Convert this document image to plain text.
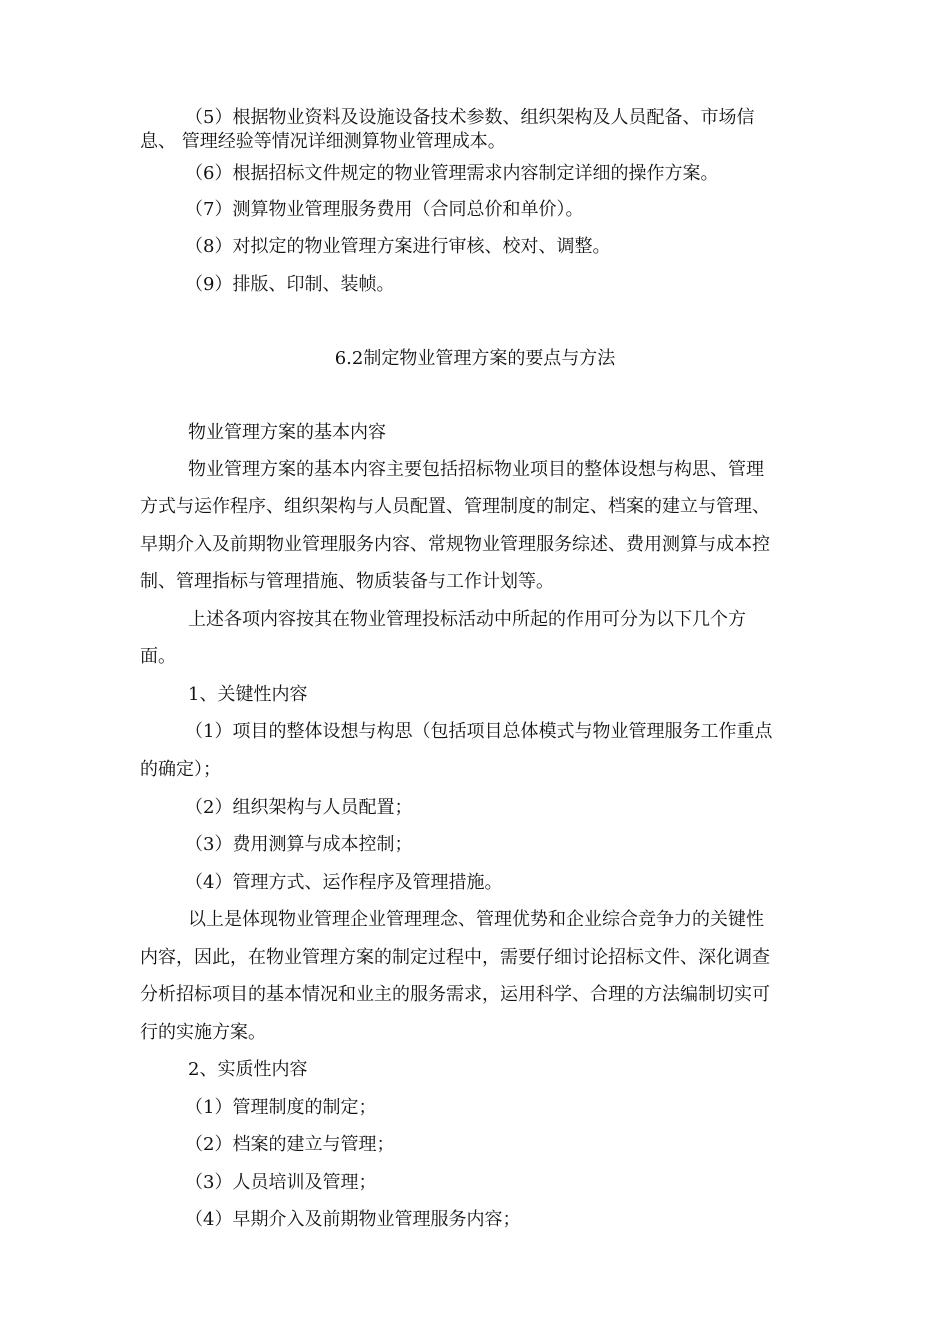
（5）根据物业资料及设施设备技术参数、组织架构及人员配备、市场信
息、 管理经验等情况详细测算物业管理成本。
（6）根据招标文件规定的物业管理需求内容制定详细的操作方案。
（7）测算物业管理服务费用（合同总价和单价）。
（8）对拟定的物业管理方案进行审核、校对、调整。
（9）排版、印制、装帧。
6.2制定物业管理方案的要点与方法
物业管理方案的基本内容
物业管理方案的基本内容主要包括招标物业项目的整体设想与构思、管理
方式与运作程序、组织架构与人员配置、管理制度的制定、档案的建立与管理、
早期介入及前期物业管理服务内容、常规物业管理服务综述、费用测算与成本控
制、管理指标与管理措施、物质装备与工作计划等。
上述各项内容按其在物业管理投标活动中所起的作用可分为以下几个方
面。
1、关键性内容
（1）项目的整体设想与构思（包括项目总体模式与物业管理服务工作重点
的确定）；
（2）组织架构与人员配置；
（3）费用测算与成本控制；
（4）管理方式、运作程序及管理措施。
以上是体现物业管理企业管理理念、管理优势和企业综合竞争力的关键性
内容，因此，在物业管理方案的制定过程中，需要仔细讨论招标文件、深化调查
分析招标项目的基本情况和业主的服务需求，运用科学、合理的方法编制切实可
行的实施方案。
2、实质性内容
（1）管理制度的制定；
（2）档案的建立与管理；
（3）人员培训及管理；
（4）早期介入及前期物业管理服务内容；
